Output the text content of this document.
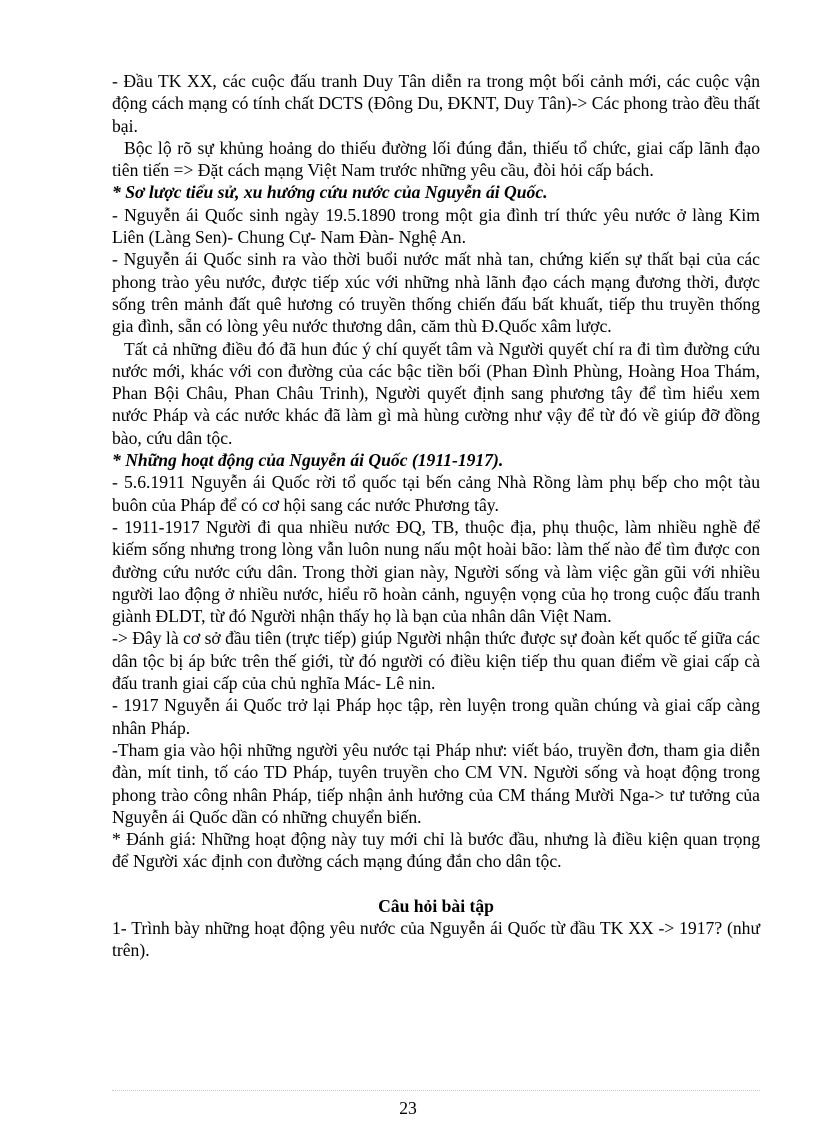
- Đầu TK XX, các cuộc đấu tranh Duy Tân diễn ra trong một bối cảnh mới, các cuộc vận động cách mạng có tính chất DCTS (Đông Du, ĐKNT, Duy Tân)-> Các phong trào đều thất bại.

Bộc lộ rõ sự khủng hoảng do thiếu đường lối đúng đắn, thiếu tổ chức, giai cấp lãnh đạo tiên tiến => Đặt cách mạng Việt Nam trước những yêu cầu, đòi hỏi cấp bách.

* Sơ lược tiểu sử, xu hướng cứu nước của Nguyễn ái Quốc.

- Nguyễn ái Quốc sinh ngày 19.5.1890 trong một gia đình trí thức yêu nước ở làng Kim Liên (Làng Sen)- Chung Cự- Nam Đàn- Nghệ An.

- Nguyễn ái Quốc sinh ra vào thời buổi nước mất nhà tan, chứng kiến sự thất bại của các phong trào yêu nước, được tiếp xúc với những nhà lãnh đạo cách mạng đương thời, được sống trên mảnh đất quê hương có truyền thống chiến đấu bất khuất, tiếp thu truyền thống gia đình, sẵn có lòng yêu nước thương dân, căm thù Đ.Quốc xâm lược.

Tất cả những điều đó đã hun đúc ý chí quyết tâm và Người quyết chí ra đi tìm đường cứu nước mới, khác với con đường của các bậc tiền bối (Phan Đình Phùng, Hoàng Hoa Thám, Phan Bội Châu, Phan Châu Trinh), Người quyết định sang phương tây để tìm hiểu xem nước Pháp và các nước khác đã làm gì mà hùng cường như vậy để từ đó về giúp đỡ đồng bào, cứu dân tộc.

* Những hoạt động của Nguyễn ái Quốc (1911-1917).

- 5.6.1911 Nguyễn ái Quốc rời tổ quốc tại bến cảng Nhà Rồng làm phụ bếp cho một tàu buôn của Pháp để có cơ hội sang các nước Phương tây.

- 1911-1917 Người đi qua nhiều nước ĐQ, TB, thuộc địa, phụ thuộc, làm nhiều nghề để kiếm sống nhưng trong lòng vẫn luôn nung nấu một hoài bão: làm thế nào để tìm được con đường cứu nước cứu dân. Trong thời gian này, Người sống và làm việc gần gũi với nhiều người lao động ở nhiều nước, hiểu rõ hoàn cảnh, nguyện vọng của họ trong cuộc đấu tranh giành ĐLDT, từ đó Người nhận thấy họ là bạn của nhân dân Việt Nam.

-> Đây là cơ sở đầu tiên (trực tiếp) giúp Người nhận thức được sự đoàn kết quốc tế giữa các dân tộc bị áp bức trên thế giới, từ đó người có điều kiện tiếp thu quan điểm về giai cấp cà đấu tranh giai cấp của chủ nghĩa Mác- Lê nin.

- 1917 Nguyễn ái Quốc trở lại Pháp học tập, rèn luyện trong quần chúng và giai cấp càng nhân Pháp.

-Tham gia vào hội những người yêu nước tại Pháp như: viết báo, truyền đơn, tham gia diễn đàn, mít tinh, tố cáo TD Pháp, tuyên truyền cho CM VN. Người sống và hoạt động trong phong trào công nhân Pháp, tiếp nhận ảnh hưởng của CM tháng Mười Nga-> tư tưởng của Nguyễn ái Quốc dần có những chuyển biến.

* Đánh giá: Những hoạt động này tuy mới chỉ là bước đầu, nhưng là điều kiện quan trọng để Người xác định con đường cách mạng đúng đắn cho dân tộc.

Câu hỏi bài tập

1- Trình bày những hoạt động yêu nước của Nguyễn ái Quốc từ đầu TK XX -> 1917? (như trên).

23
